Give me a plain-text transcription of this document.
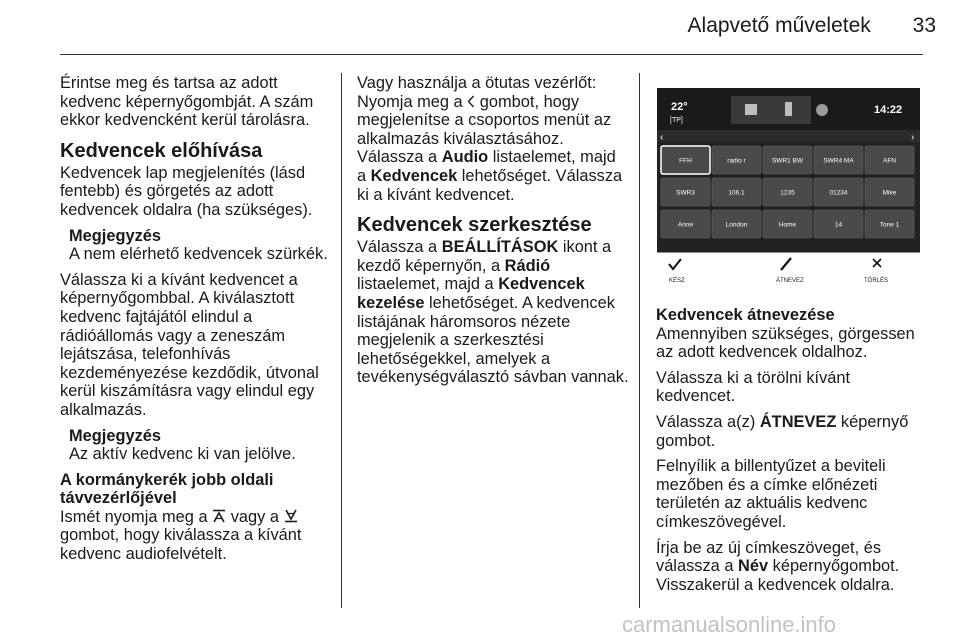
Alapvető műveletek 33

Érintse meg és tartsa az adott kedvenc képernyőgombját. A szám ekkor kedvencként kerül tárolásra.

Kedvencek előhívása

Kedvencek lap megjelenítés (lásd fentebb) és görgetés az adott kedvencek oldalra (ha szükséges).

Megjegyzés
A nem elérhető kedvencek szürkék.

Válassza ki a kívánt kedvencet a képernyőgombbal. A kiválasztott kedvenc fajtájától elindul a rádióállomás vagy a zeneszám lejátszása, telefonhívás kezdeményezése kezdődik, útvonal kerül kiszámításra vagy elindul egy alkalmazás.

Megjegyzés
Az aktív kedvenc ki van jelölve.
A kormánykerék jobb oldali távvezérlőjével

Ismét nyomja meg a  vagy a  gombot, hogy kiválassza a kívánt kedvenc audiofelvételt.

Vagy használja a ötutas vezérlőt: Nyomja meg a  gombot, hogy megjelenítse a csoportos menüt az alkalmazás kiválasztásához.
Válassza a Audio listaelemet, majd a Kedvencek lehetőséget. Válassza ki a kívánt kedvencet.

Kedvencek szerkesztése

Válassza a BEÁLLÍTÁSOK ikont a kezdő képernyőn, a Rádió
listaelemet, majd a Kedvencek kezelése lehetőséget. A kedvencek listájának háromsoros nézete megjelenik a szerkesztési lehetőségekkel, amelyek a tevékenységválasztó sávban vannak.

22°
[TP]
14:22
‹	›
FFH	radio r	SWR1 BW	SWR4 MA	AFN
SWR3	106.1	1235	01234	Mike
Anne	London	Home	14	Tone 1
KÉSZ	ÁTNEVEZ	TÖRLÉS
Kedvencek átnevezése

Amennyiben szükséges, görgessen az adott kedvencek oldalhoz.

Válassza ki a törölni kívánt kedvencet.

Válassza a(z) ÁTNEVEZ képernyő gombot.

Felnyílik a billentyűzet a beviteli mezőben és a címke előnézeti területén az aktuális kedvenc címkeszövegével.

Írja be az új címkeszöveget, és válassza a Név képernyőgombot. Visszakerül a kedvencek oldalra.

carmanualsonline.info
